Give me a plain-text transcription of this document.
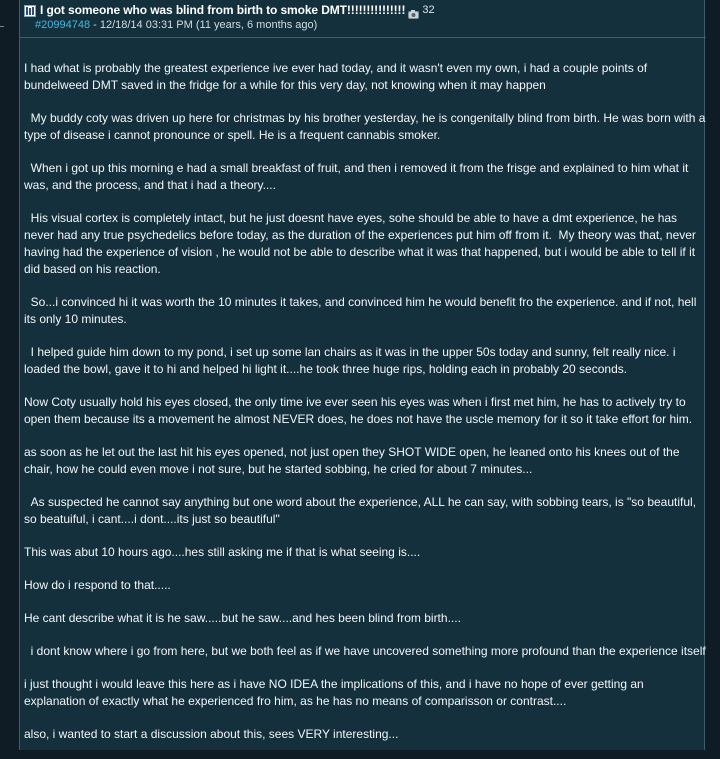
I got someone who was blind from birth to smoke DMT!!!!!!!!!!!!!!! 32
#20994748 - 12/18/14 03:31 PM (11 years, 6 months ago)

I had what is probably the greatest experience ive ever had today, and it wasn't even my own, i had a couple points of bundelweed DMT saved in the fridge for a while for this very day, not knowing when it may happen

My buddy coty was driven up here for christmas by his brother yesterday, he is congenitally blind from birth. He was born with a type of disease i cannot pronounce or spell. He is a frequent cannabis smoker.

When i got up this morning e had a small breakfast of fruit, and then i removed it from the frisge and explained to him what it was, and the process, and that i had a theory....

His visual cortex is completely intact, but he just doesnt have eyes, sohe should be able to have a dmt experience, he has never had any true psychedelics before today, as the duration of the experiences put him off from it.  My theory was that, never having had the experience of vision , he would not be able to describe what it was that happened, but i would be able to tell if it did based on his reaction.

So...i convinced hi it was worth the 10 minutes it takes, and convinced him he would benefit fro the experience. and if not, hell its only 10 minutes.

I helped guide him down to my pond, i set up some lan chairs as it was in the upper 50s today and sunny, felt really nice. i loaded the bowl, gave it to hi and helped hi light it....he took three huge rips, holding each in probably 20 seconds.

Now Coty usually hold his eyes closed, the only time ive ever seen his eyes was when i first met him, he has to actively try to open them because its a movement he almost NEVER does, he does not have the uscle memory for it so it take effort for him.

as soon as he let out the last hit his eyes opened, not just open they SHOT WIDE open, he leaned onto his knees out of the chair, how he could even move i not sure, but he started sobbing, he cried for about 7 minutes...

As suspected he cannot say anything but one word about the experience, ALL he can say, with sobbing tears, is "so beautiful, so beatuiful, i cant....i dont....its just so beautiful"

This was abut 10 hours ago....hes still asking me if that is what seeing is....

How do i respond to that.....

He cant describe what it is he saw.....but he saw....and hes been blind from birth....

i dont know where i go from here, but we both feel as if we have uncovered something more profound than the experience itself

i just thought i would leave this here as i have NO IDEA the implications of this, and i have no hope of ever getting an explanation of exactly what he experienced fro him, as he has no means of comparisson or contrast....

also, i wanted to start a discussion about this, sees VERY interesting...
